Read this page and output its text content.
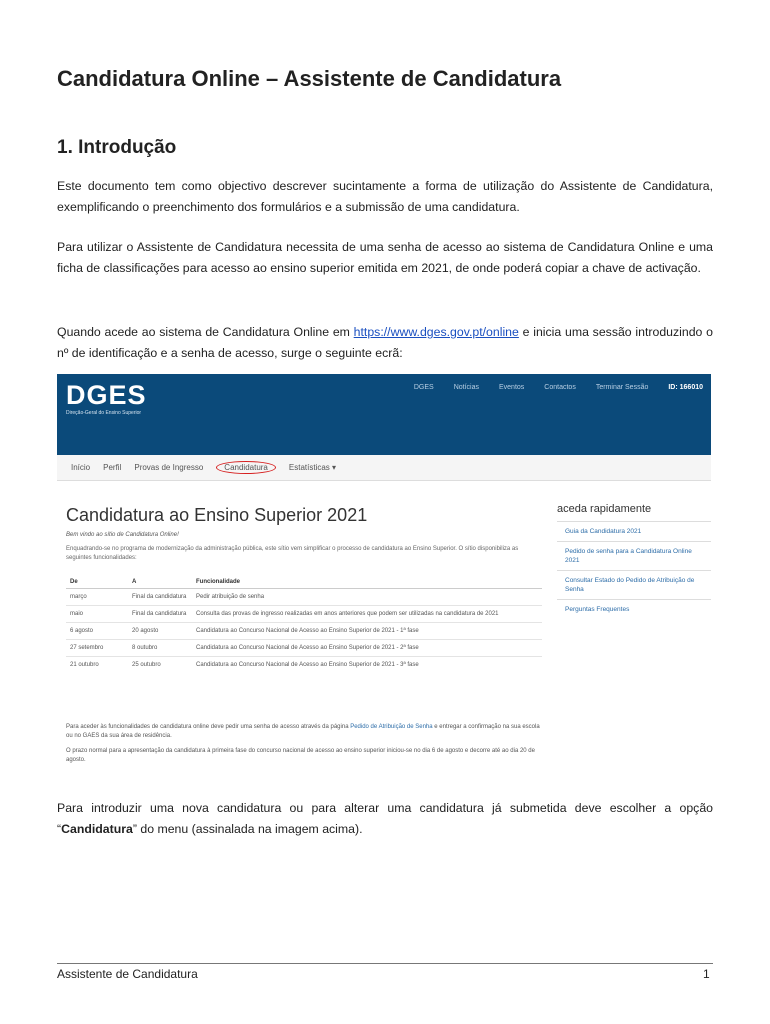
Candidatura Online – Assistente de Candidatura
1. Introdução

Este documento tem como objectivo descrever sucintamente a forma de utilização do Assistente de Candidatura, exemplificando o preenchimento dos formulários e a submissão de uma candidatura.

Para utilizar o Assistente de Candidatura necessita de uma senha de acesso ao sistema de Candidatura Online e uma ficha de classificações para acesso ao ensino superior emitida em 2021, de onde poderá copiar a chave de activação.

Quando acede ao sistema de Candidatura Online em https://www.dges.gov.pt/online e inicia uma sessão introduzindo o nº de identificação e a senha de acesso, surge o seguinte ecrã:

DGES
Direção-Geral do Ensino Superior
DGES	Notícias	Eventos	Contactos	Terminar Sessão	ID: 166010
Início Perfil Provas de Ingresso	Candidatura	Estatísticas ▾
Candidatura ao Ensino Superior 2021
Bem vindo ao sítio de Candidatura Online!
Enquadrando-se no programa de modernização da administração pública, este sítio vem simplificar o processo de candidatura ao Ensino Superior. O sítio disponibiliza as seguintes funcionalidades:
De	A	Funcionalidade
março	Final da candidatura	Pedir atribuição de senha
maio	Final da candidatura	Consulta das provas de ingresso realizadas em anos anteriores que podem ser utilizadas na candidatura de 2021
6 agosto	20 agosto	Candidatura ao Concurso Nacional de Acesso ao Ensino Superior de 2021 - 1ª fase
27 setembro	8 outubro	Candidatura ao Concurso Nacional de Acesso ao Ensino Superior de 2021 - 2ª fase
21 outubro	25 outubro	Candidatura ao Concurso Nacional de Acesso ao Ensino Superior de 2021 - 3ª fase
Para aceder às funcionalidades de candidatura online deve pedir uma senha de acesso através da página Pedido de Atribuição de Senha e entregar a confirmação na sua escola ou no GAES da sua área de residência.
O prazo normal para a apresentação da candidatura à primeira fase do concurso nacional de acesso ao ensino superior iniciou-se no dia 6 de agosto e decorre até ao dia 20 de agosto.
aceda rapidamente
Guia da Candidatura 2021
Pedido de senha para a Candidatura Online 2021
Consultar Estado do Pedido de Atribuição de Senha
Perguntas Frequentes

Para introduzir uma nova candidatura ou para alterar uma candidatura já submetida deve escolher a opção “Candidatura” do menu (assinalada na imagem acima).

Assistente de Candidatura	1
